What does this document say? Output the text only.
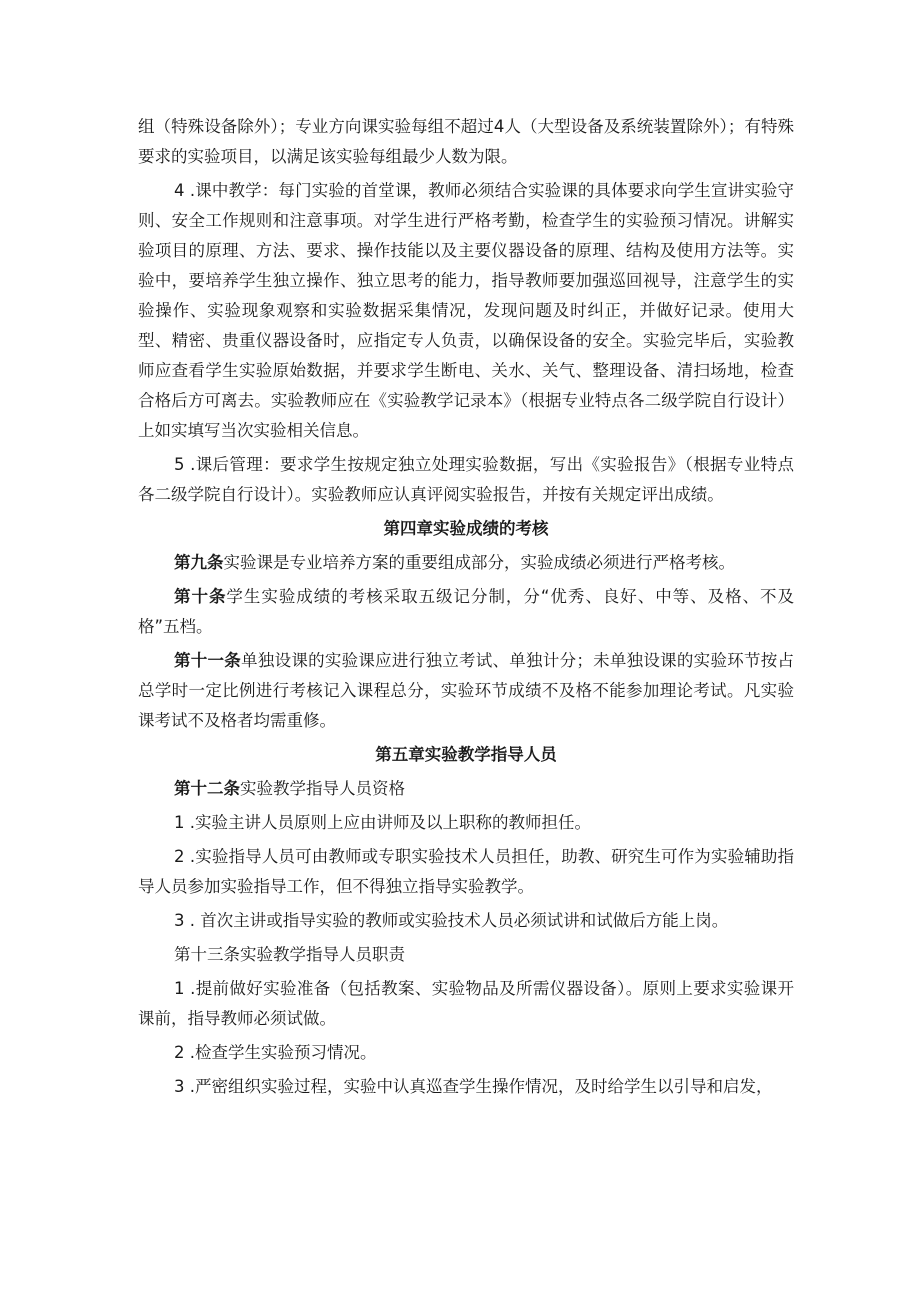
组（特殊设备除外）；专业方向课实验每组不超过4人（大型设备及系统装置除外）；有特殊要求的实验项目，以满足该实验每组最少人数为限。

4 .课中教学：每门实验的首堂课，教师必须结合实验课的具体要求向学生宣讲实验守则、安全工作规则和注意事项。对学生进行严格考勤，检查学生的实验预习情况。讲解实验项目的原理、方法、要求、操作技能以及主要仪器设备的原理、结构及使用方法等。实验中，要培养学生独立操作、独立思考的能力，指导教师要加强巡回视导，注意学生的实验操作、实验现象观察和实验数据采集情况，发现问题及时纠正，并做好记录。使用大型、精密、贵重仪器设备时，应指定专人负责，以确保设备的安全。实验完毕后，实验教师应查看学生实验原始数据，并要求学生断电、关水、关气、整理设备、清扫场地，检查合格后方可离去。实验教师应在《实验教学记录本》（根据专业特点各二级学院自行设计）上如实填写当次实验相关信息。

5 .课后管理：要求学生按规定独立处理实验数据，写出《实验报告》（根据专业特点各二级学院自行设计）。实验教师应认真评阅实验报告，并按有关规定评出成绩。

第四章实验成绩的考核

第九条实验课是专业培养方案的重要组成部分，实验成绩必须进行严格考核。

第十条学生实验成绩的考核采取五级记分制，分“优秀、良好、中等、及格、不及格”五档。

第十一条单独设课的实验课应进行独立考试、单独计分；未单独设课的实验环节按占总学时一定比例进行考核记入课程总分，实验环节成绩不及格不能参加理论考试。凡实验课考试不及格者均需重修。

第五章实验教学指导人员

第十二条实验教学指导人员资格

1 .实验主讲人员原则上应由讲师及以上职称的教师担任。

2 .实验指导人员可由教师或专职实验技术人员担任，助教、研究生可作为实验辅助指导人员参加实验指导工作，但不得独立指导实验教学。

3 . 首次主讲或指导实验的教师或实验技术人员必须试讲和试做后方能上岗。

第十三条实验教学指导人员职责

1 .提前做好实验准备（包括教案、实验物品及所需仪器设备）。原则上要求实验课开课前，指导教师必须试做。

2 .检查学生实验预习情况。

3 .严密组织实验过程，实验中认真巡查学生操作情况，及时给学生以引导和启发，
